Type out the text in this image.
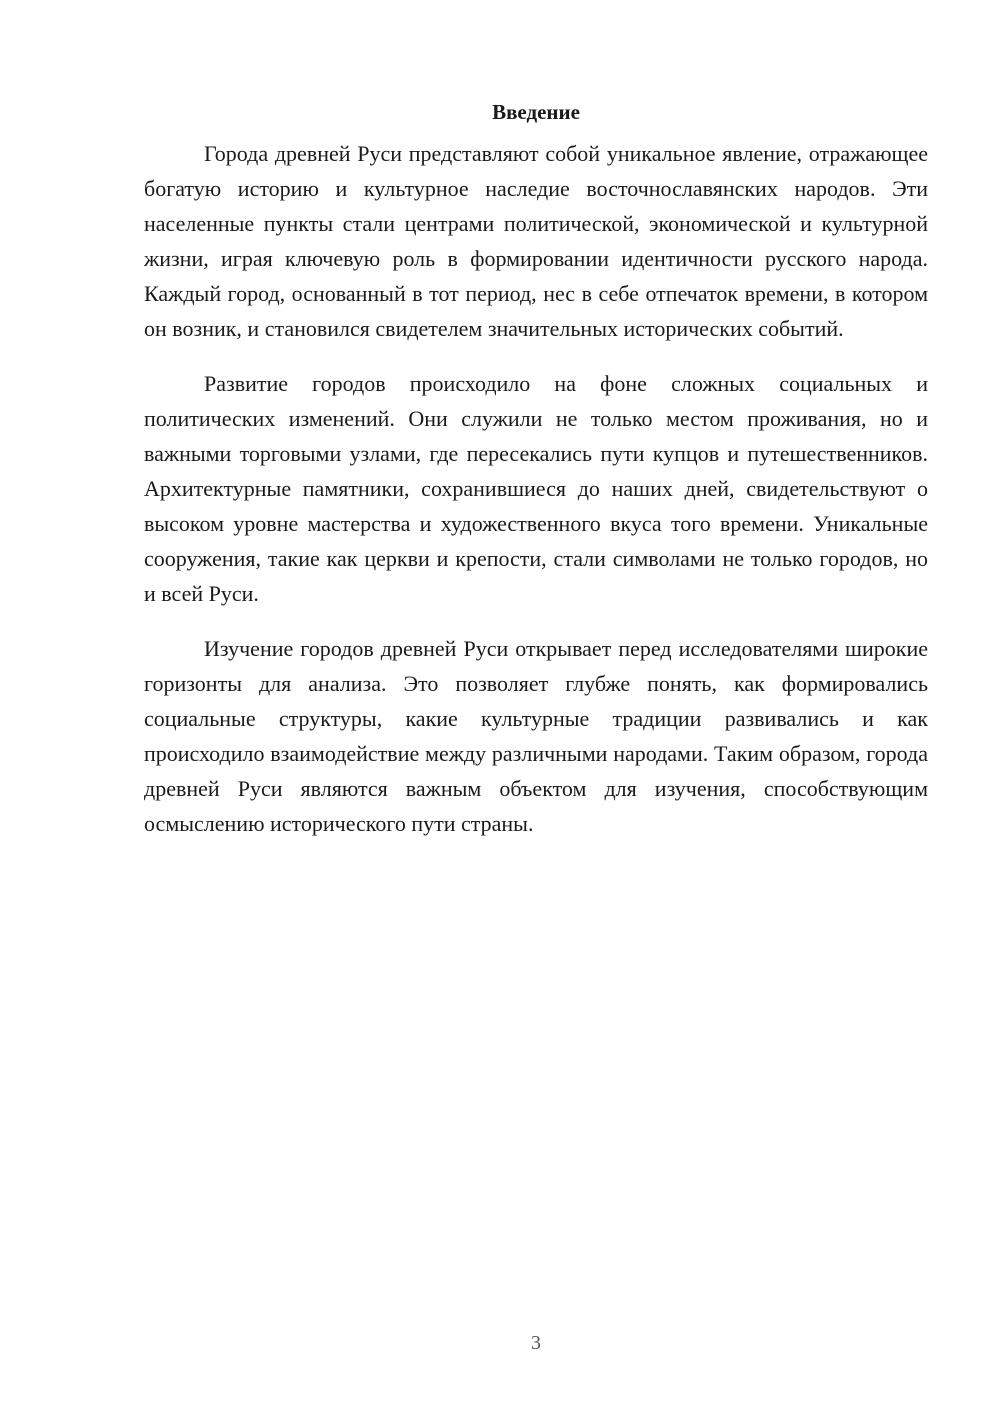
Введение

Города древней Руси представляют собой уникальное явление, отражающее богатую историю и культурное наследие восточнославянских народов. Эти населенные пункты стали центрами политической, экономической и культурной жизни, играя ключевую роль в формировании идентичности русского народа. Каждый город, основанный в тот период, нес в себе отпечаток времени, в котором он возник, и становился свидетелем значительных исторических событий.

Развитие городов происходило на фоне сложных социальных и политических изменений. Они служили не только местом проживания, но и важными торговыми узлами, где пересекались пути купцов и путешественников. Архитектурные памятники, сохранившиеся до наших дней, свидетельствуют о высоком уровне мастерства и художественного вкуса того времени. Уникальные сооружения, такие как церкви и крепости, стали символами не только городов, но и всей Руси.

Изучение городов древней Руси открывает перед исследователями широкие горизонты для анализа. Это позволяет глубже понять, как формировались социальные структуры, какие культурные традиции развивались и как происходило взаимодействие между различными народами. Таким образом, города древней Руси являются важным объектом для изучения, способствующим осмыслению исторического пути страны.

3
